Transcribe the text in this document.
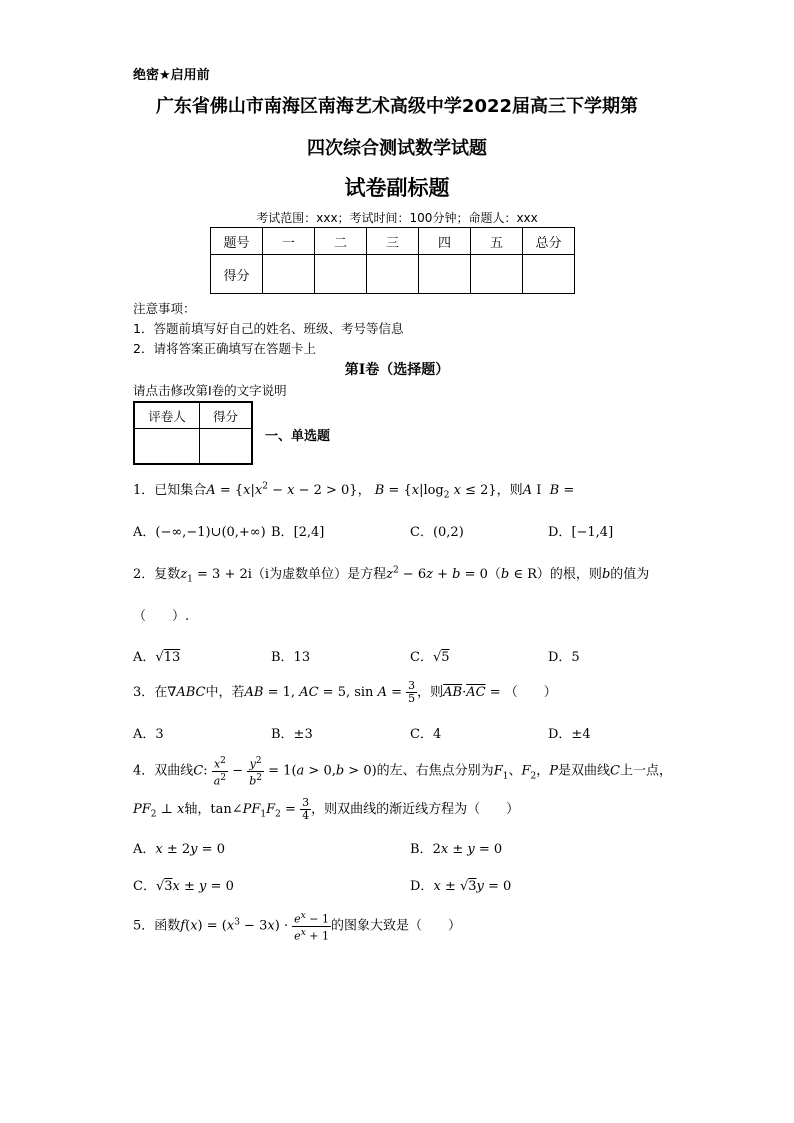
绝密★启用前
广东省佛山市南海区南海艺术高级中学2022届高三下学期第
四次综合测试数学试题
试卷副标题
考试范围：xxx；考试时间：100分钟；命题人：xxx
题号	一	二	三	四	五	总分
得分						
注意事项：
1．答题前填写好自己的姓名、班级、考号等信息
2．请将答案正确填写在答题卡上
第I卷（选择题）
请点击修改第I卷的文字说明
评卷人	得分

一、单选题
1．已知集合$A = \{x|x^2 - x - 2 > 0\}$， $B = \{x|\log_2$ x ≤ 2}，则A I  B =
A．(−∞,−1)∪(0,+∞) B．[2,4]	C．(0,2)	D．[−1,4]
2．复数$z_1 = 3 + 2i(i$为虚数单位）是方程$z^2 - 6z + b = 0(b$ ∈ R）的根，则b的值为
（　　）.
A．√13	B．13	C．√5	D．5
3．在∇ABC中，若AB = 1, AC = 5, $\sin A = \frac{3}{5}$ ，则$\overline{AB}\cdot\overline{AC}$ = （　　）
A．3	B．±3	C．4	D．±4
4．双曲线C: $\frac{x^2}{a^2} - \frac{y^2}{b^2} = 1(a > 0,b > 0)$的左、右焦点分别为$F_1$、$F_2$，P是双曲线C上一点，
$PF_2$ ⊥ x轴，$\tan\angle PF_1F_2 = \frac{3}{4}$ ，则双曲线的渐近线方程为（　　）
A．x ± 2y = 0	B．2x ± y = 0
C．√3x ± y = 0	D．x ± √3y = 0
5．函数$f(x) = (x^3 - 3x) \cdot \frac{e^x - 1}{e^x + 1}$ 的图象大致是（　　）
